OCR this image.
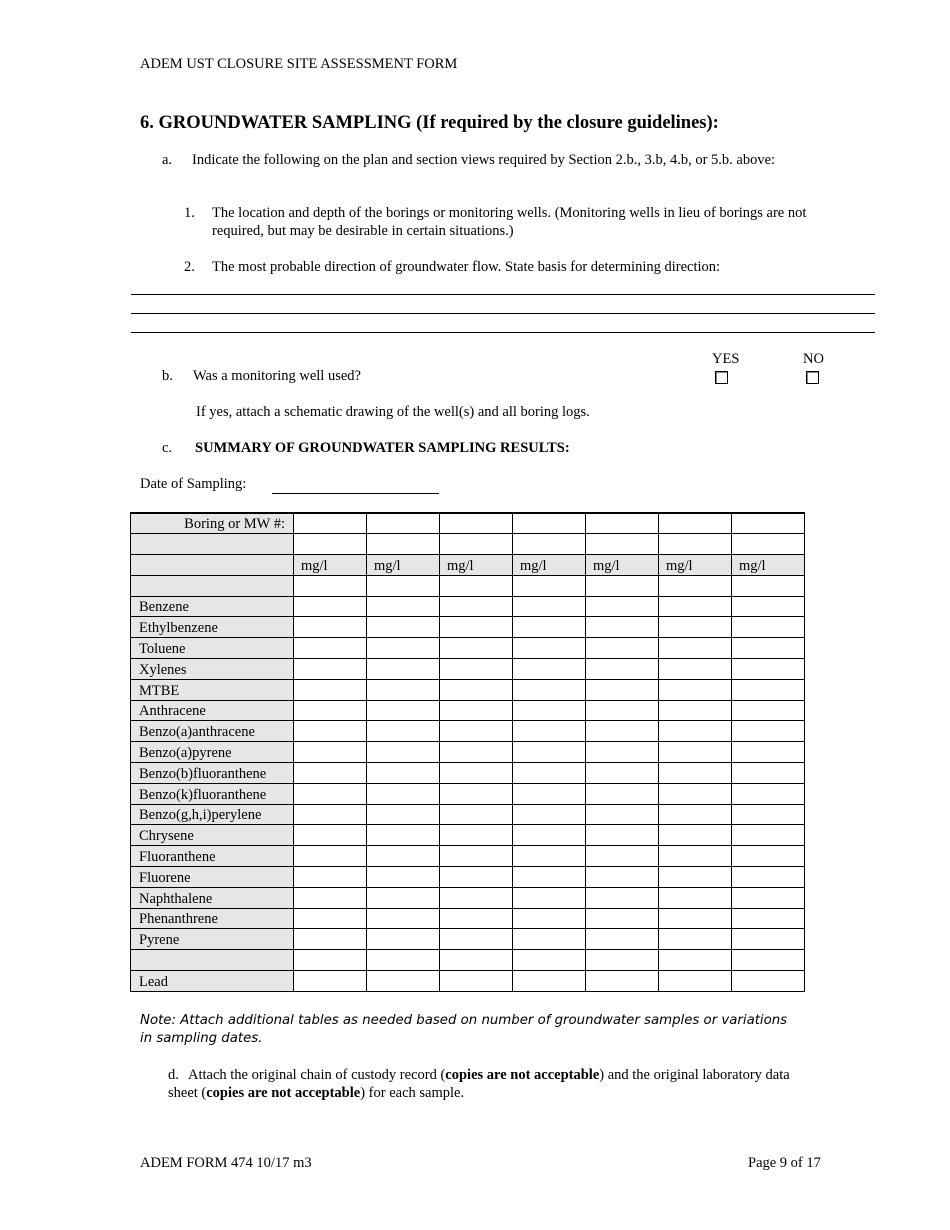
ADEM UST CLOSURE SITE ASSESSMENT FORM
6. GROUNDWATER SAMPLING (If required by the closure guidelines):
a. Indicate the following on the plan and section views required by Section 2.b., 3.b, 4.b, or 5.b. above:
1. The location and depth of the borings or monitoring wells. (Monitoring wells in lieu of borings are not required, but may be desirable in certain situations.)
2. The most probable direction of groundwater flow. State basis for determining direction:
YES	NO
b. Was a monitoring well used?
If yes, attach a schematic drawing of the well(s) and all boring logs.
c. SUMMARY OF GROUNDWATER SAMPLING RESULTS:
Date of Sampling:
Boring or MW #:							

	mg/l	mg/l	mg/l	mg/l	mg/l	mg/l	mg/l

Benzene							
Ethylbenzene							
Toluene							
Xylenes							
MTBE							
Anthracene							
Benzo(a)anthracene							
Benzo(a)pyrene							
Benzo(b)fluoranthene							
Benzo(k)fluoranthene							
Benzo(g,h,i)perylene							
Chrysene							
Fluoranthene							
Fluorene							
Naphthalene							
Phenanthrene							
Pyrene							

Lead							
Note: Attach additional tables as needed based on number of groundwater samples or variations in sampling dates.
d. Attach the original chain of custody record (copies are not acceptable) and the original laboratory data sheet (copies are not acceptable) for each sample.
ADEM FORM 474 10/17 m3	Page 9 of 17
